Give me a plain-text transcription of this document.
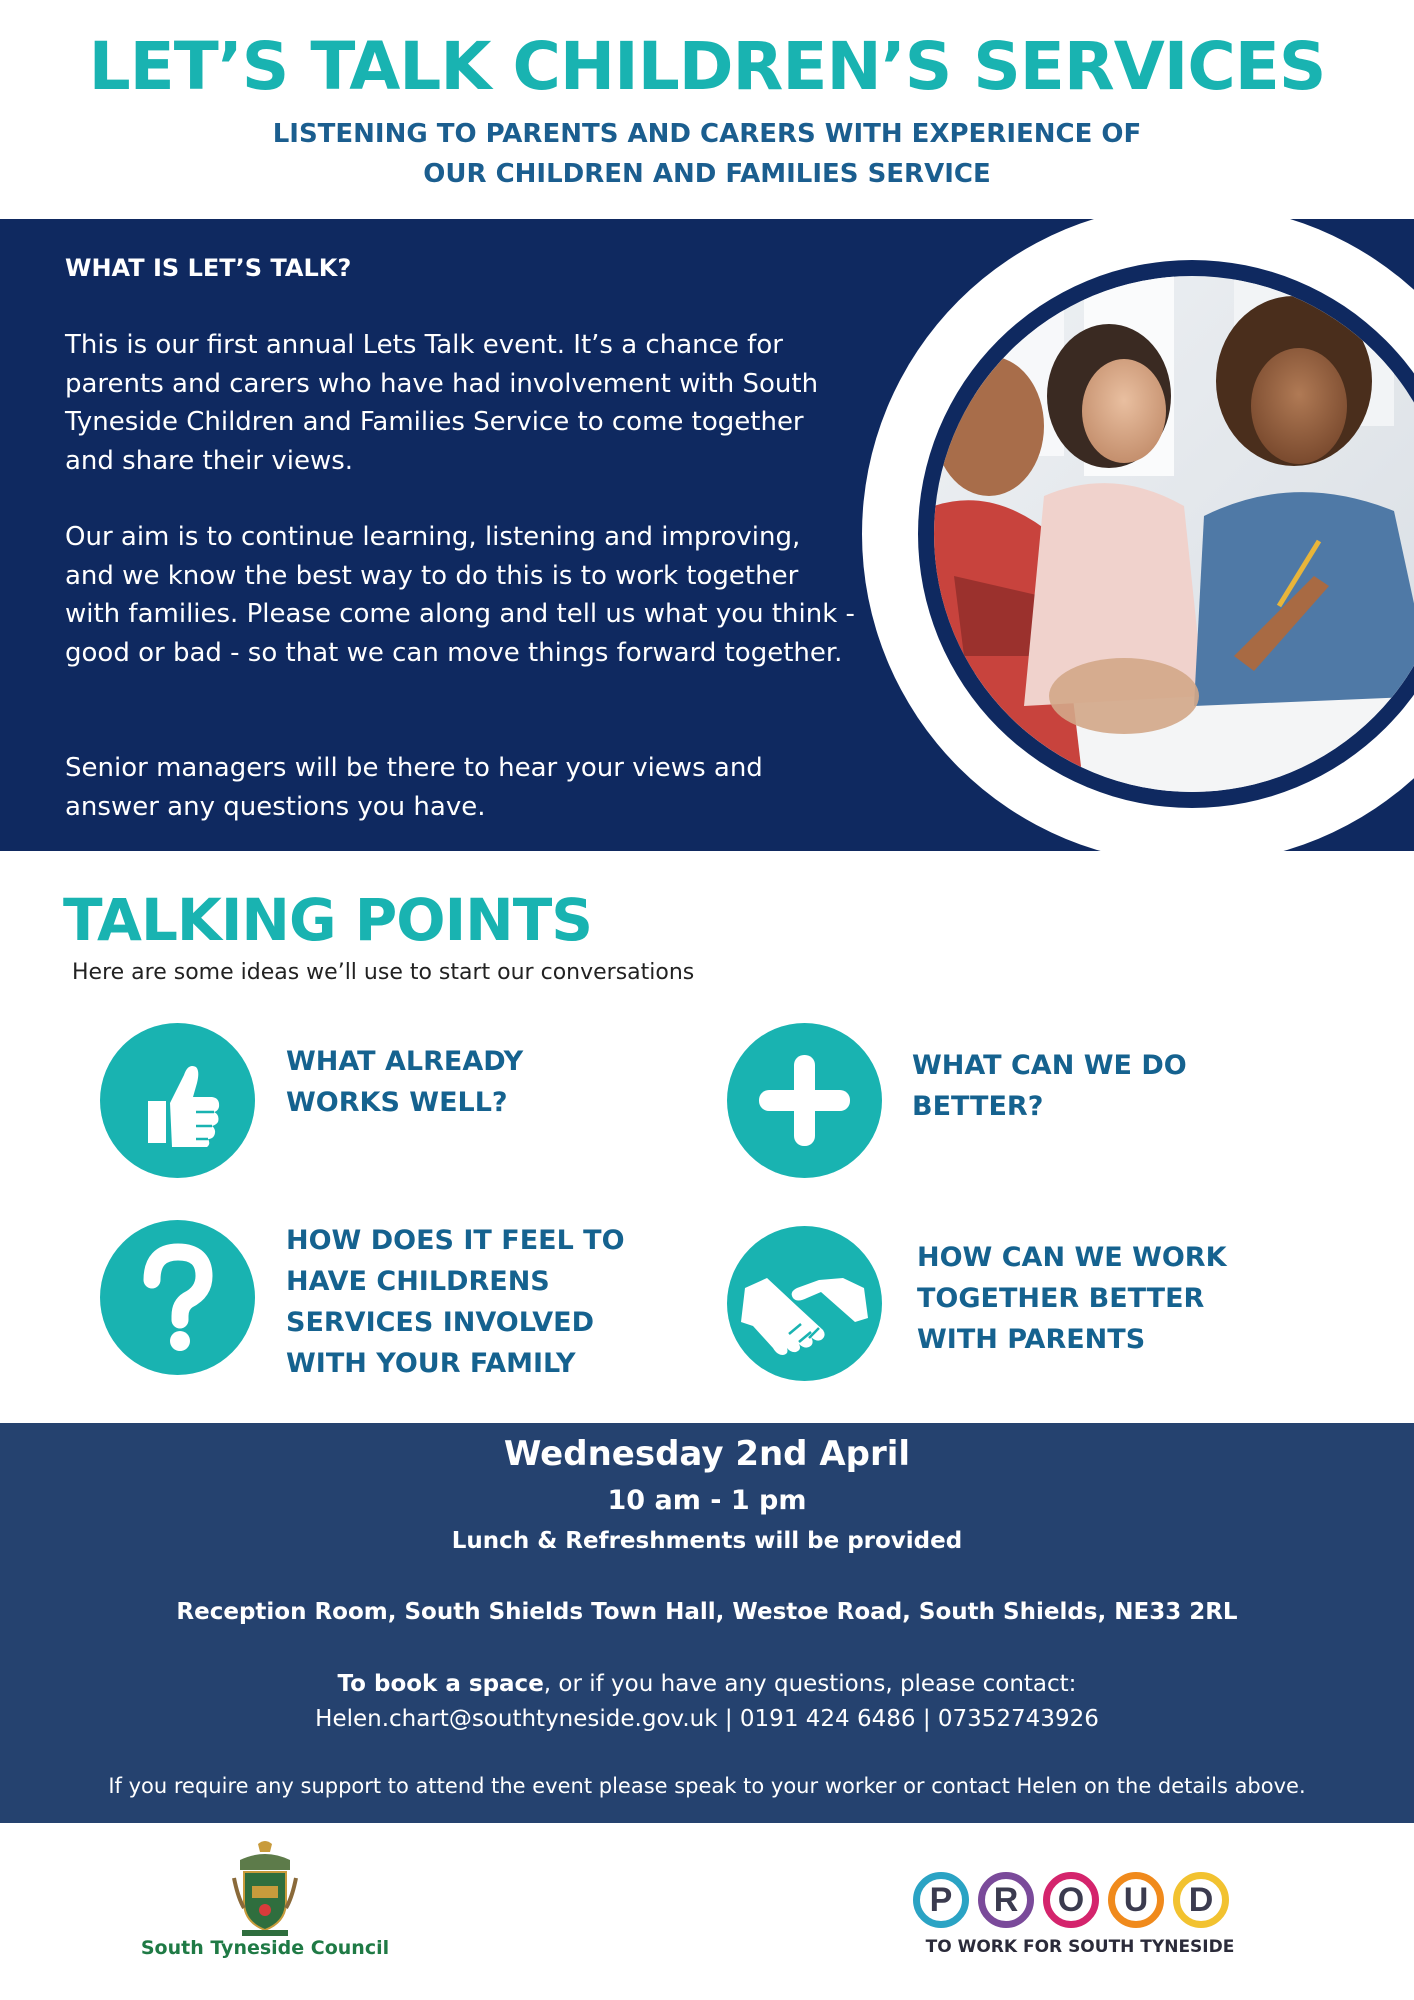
LET’S TALK CHILDREN’S SERVICES
LISTENING TO PARENTS AND CARERS WITH EXPERIENCE OF
OUR CHILDREN AND FAMILIES SERVICE
WHAT IS LET’S TALK?
This is our first annual Lets Talk event. It’s a chance for parents and carers who have had involvement with South Tyneside Children and Families Service to come together and share their views.
Our aim is to continue learning, listening and improving, and we know the best way to do this is to work together with families. Please come along and tell us what you think - good or bad - so that we can move things forward together.
Senior managers will be there to hear your views and answer any questions you have.
TALKING POINTS
Here are some ideas we’ll use to start our conversations
WHAT ALREADY
WORKS WELL?
WHAT CAN WE DO
BETTER?
HOW DOES IT FEEL TO
HAVE CHILDRENS
SERVICES INVOLVED
WITH YOUR FAMILY
HOW CAN WE WORK
TOGETHER BETTER
WITH PARENTS
Wednesday 2nd April
10 am - 1 pm
Lunch & Refreshments will be provided
Reception Room, South Shields Town Hall, Westoe Road, South Shields, NE33 2RL
To book a space, or if you have any questions, please contact:
Helen.chart@southtyneside.gov.uk | 0191 424 6486 | 07352743926
If you require any support to attend the event please speak to your worker or contact Helen on the details above.
South Tyneside Council
P	R	O	U	D
TO WORK FOR SOUTH TYNESIDE
